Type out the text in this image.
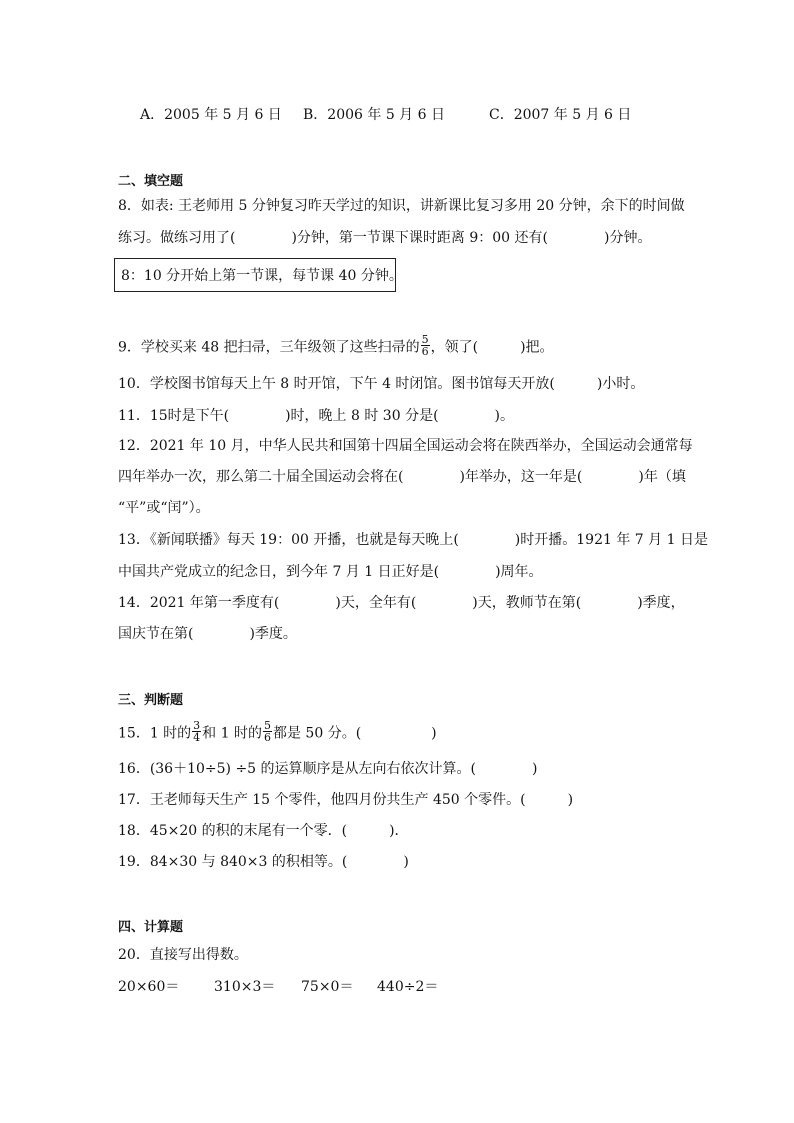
A．2005 年 5 月 6 日 B．2006 年 5 月 6 日	C．2007 年 5 月 6 日
二、填空题
8．如表: 王老师用 5 分钟复习昨天学过的知识，讲新课比复习多用 20 分钟，余下的时间做
练习。做练习用了(　　　　)分钟，第一节课下课时距离 9：00 还有(　　　　)分钟。
8：10 分开始上第一节课，每节课 40 分钟。
9．学校买来 48 把扫帚，三年级领了这些扫帚的 $\frac{5}{6}$ ，领了(　　　)把。
10．学校图书馆每天上午 8 时开馆，下午 4 时闭馆。图书馆每天开放(　　　)小时。
11．15时是下午(　　　　)时，晚上 8 时 30 分是(　　　　)。
12．2021 年 10 月，中华人民共和国第十四届全国运动会将在陕西举办，全国运动会通常每
四年举办一次，那么第二十届全国运动会将在(　　　　)年举办，这一年是(　　　　)年（填
“平”或“闰”）。
13．《新闻联播》每天 19：00 开播，也就是每天晚上(　　　　)时开播。1921 年 7 月 1 日是
中国共产党成立的纪念日，到今年 7 月 1 日正好是(　　　　)周年。
14．2021 年第一季度有(　　　　)天，全年有(　　　　)天，教师节在第(　　　　)季度，
国庆节在第(　　　　)季度。
三、判断题
15．1 时的 $\frac{3}{4}$ 和 1 时的 $\frac{5}{6}$ 都是 50 分。(　　　　　)
16．(36＋10÷5) ÷5 的运算顺序是从左向右依次计算。(　　　　)
17．王老师每天生产 15 个零件，他四月份共生产 450 个零件。(　　　)
18．45×20 的积的末尾有一个零．(　　　)．
19．84×30 与 840×3 的积相等。(　　　　)
四、计算题
20．直接写出得数。
20×60＝ 310×3＝ 75×0＝ 440÷2＝
